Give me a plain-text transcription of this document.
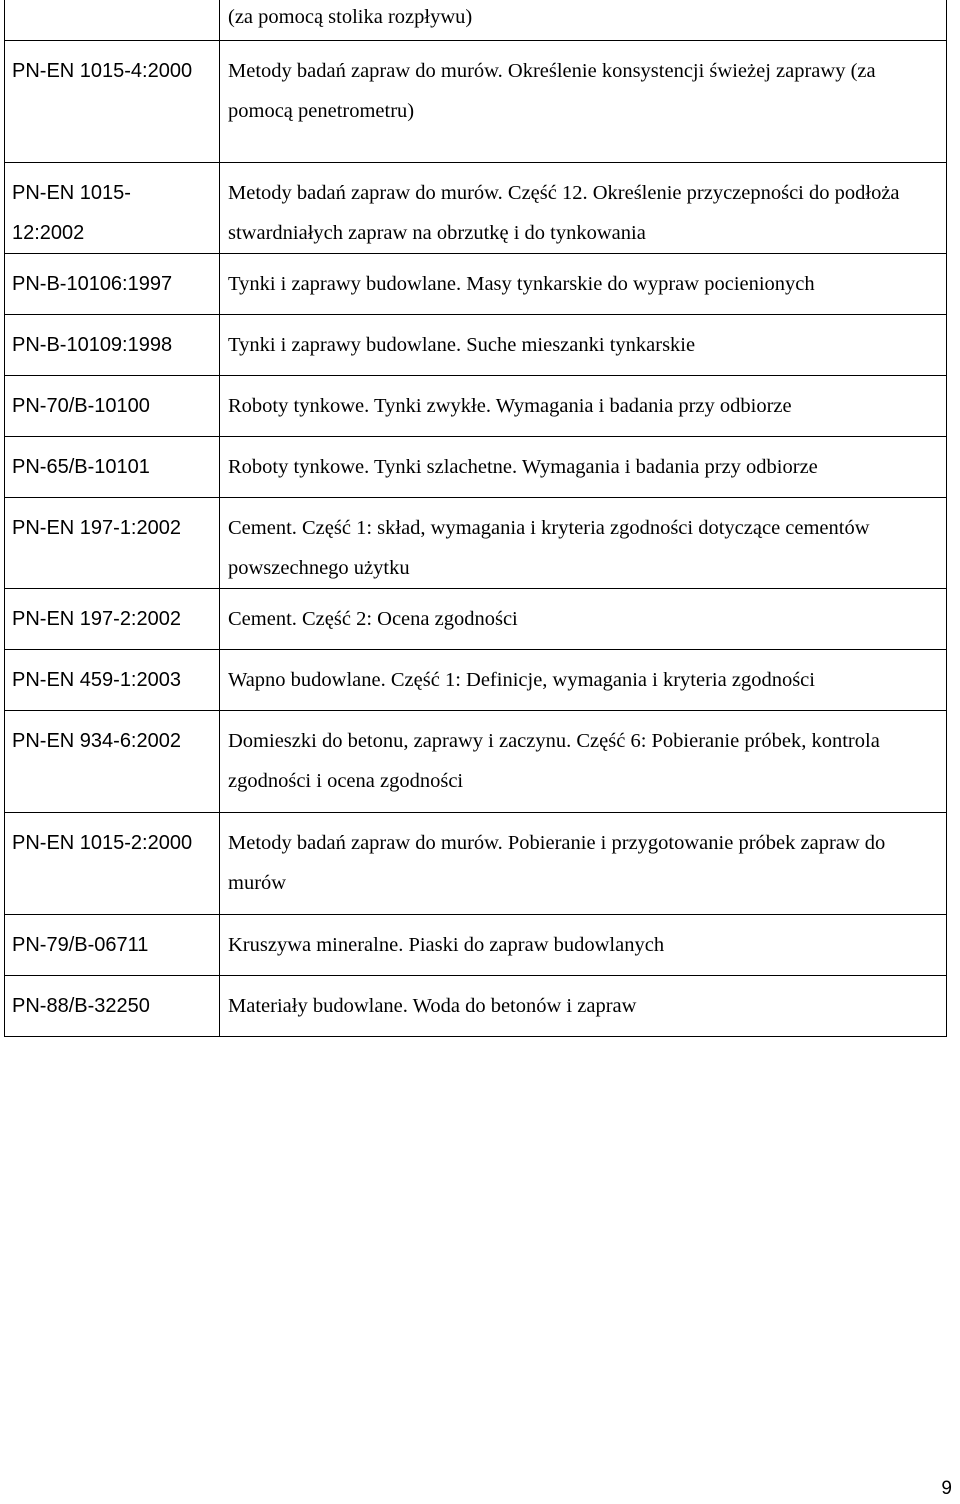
	(za pomocą stolika rozpływu)

PN-EN 1015-4:2000	Metody badań zapraw do murów. Określenie konsystencji świeżej zaprawy (za pomocą penetrometru)

PN-EN 1015-12:2002	Metody badań zapraw do murów. Część 12. Określenie przyczepności do podłoża stwardniałych zapraw na obrzutkę i do tynkowania

PN-B-10106:1997	Tynki i zaprawy budowlane. Masy tynkarskie do wypraw pocienionych

PN-B-10109:1998	Tynki i zaprawy budowlane. Suche mieszanki tynkarskie

PN-70/B-10100	Roboty tynkowe. Tynki zwykłe. Wymagania i badania przy odbiorze

PN-65/B-10101	Roboty tynkowe. Tynki szlachetne. Wymagania i badania przy odbiorze

PN-EN 197-1:2002	Cement. Część 1: skład, wymagania i kryteria zgodności dotyczące cementów powszechnego użytku

PN-EN 197-2:2002	Cement. Część 2: Ocena zgodności

PN-EN 459-1:2003	Wapno budowlane. Część 1: Definicje, wymagania i kryteria zgodności

PN-EN 934-6:2002	Domieszki do betonu, zaprawy i zaczynu. Część 6: Pobieranie próbek, kontrola zgodności i ocena zgodności

PN-EN 1015-2:2000	Metody badań zapraw do murów. Pobieranie i przygotowanie próbek zapraw do murów

PN-79/B-06711	Kruszywa mineralne. Piaski do zapraw budowlanych

PN-88/B-32250	Materiały budowlane. Woda do betonów i zapraw
9
